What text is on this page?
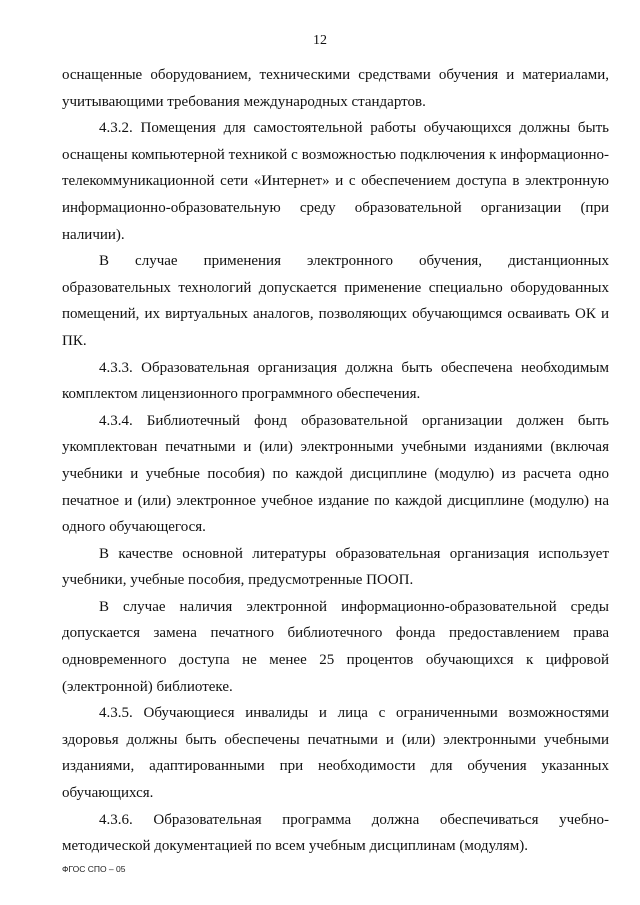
12

оснащенные оборудованием, техническими средствами обучения и материалами, учитывающими требования международных стандартов.

4.3.2. Помещения для самостоятельной работы обучающихся должны быть оснащены компьютерной техникой с возможностью подключения к информационно-телекоммуникационной сети «Интернет» и с обеспечением доступа в электронную информационно-образовательную среду образовательной организации (при наличии).

В случае применения электронного обучения, дистанционных образовательных технологий допускается применение специально оборудованных помещений, их виртуальных аналогов, позволяющих обучающимся осваивать ОК и ПК.

4.3.3. Образовательная организация должна быть обеспечена необходимым комплектом лицензионного программного обеспечения.

4.3.4. Библиотечный фонд образовательной организации должен быть укомплектован печатными и (или) электронными учебными изданиями (включая учебники и учебные пособия) по каждой дисциплине (модулю) из расчета одно печатное и (или) электронное учебное издание по каждой дисциплине (модулю) на одного обучающегося.

В качестве основной литературы образовательная организация использует учебники, учебные пособия, предусмотренные ПООП.

В случае наличия электронной информационно-образовательной среды допускается замена печатного библиотечного фонда предоставлением права одновременного доступа не менее 25 процентов обучающихся к цифровой (электронной) библиотеке.

4.3.5. Обучающиеся инвалиды и лица с ограниченными возможностями здоровья должны быть обеспечены печатными и (или) электронными учебными изданиями, адаптированными при необходимости для обучения указанных обучающихся.

4.3.6. Образовательная программа должна обеспечиваться учебно-методической документацией по всем учебным дисциплинам (модулям).

ФГОС СПО – 05
